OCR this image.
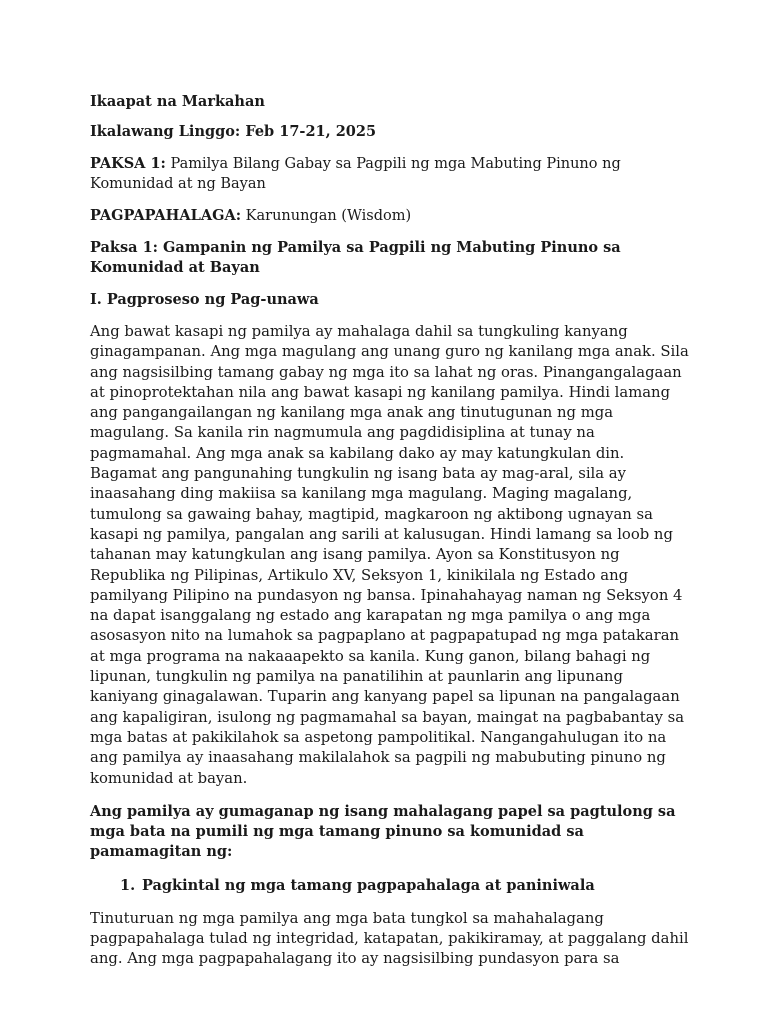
Ikaapat na Markahan

Ikalawang Linggo: Feb 17-21, 2025

PAKSA 1: Pamilya Bilang Gabay sa Pagpili ng mga Mabuting Pinuno ng Komunidad at ng Bayan

PAGPAPAHALAGA: Karunungan (Wisdom)

Paksa 1: Gampanin ng Pamilya sa Pagpili ng Mabuting Pinuno sa Komunidad at Bayan

I. Pagproseso ng Pag-unawa

Ang bawat kasapi ng pamilya ay mahalaga dahil sa tungkuling kanyang ginagampanan. Ang mga magulang ang unang guro ng kanilang mga anak. Sila ang nagsisilbing tamang gabay ng mga ito sa lahat ng oras. Pinangangalagaan at pinoprotektahan nila ang bawat kasapi ng kanilang pamilya. Hindi lamang ang pangangailangan ng kanilang mga anak ang tinutugunan ng mga magulang. Sa kanila rin nagmumula ang pagdidisiplina at tunay na pagmamahal. Ang mga anak sa kabilang dako ay may katungkulan din. Bagamat ang pangunahing tungkulin ng isang bata ay mag-aral, sila ay inaasahang ding makiisa sa kanilang mga magulang. Maging magalang, tumulong sa gawaing bahay, magtipid, magkaroon ng aktibong ugnayan sa kasapi ng pamilya, pangalan ang sarili at kalusugan. Hindi lamang sa loob ng tahanan may katungkulan ang isang pamilya. Ayon sa Konstitusyon ng Republika ng Pilipinas, Artikulo XV, Seksyon 1, kinikilala ng Estado ang pamilyang Pilipino na pundasyon ng bansa. Ipinahahayag naman ng Seksyon 4 na dapat isanggalang ng estado ang karapatan ng mga pamilya o ang mga asosasyon nito na lumahok sa pagpaplano at pagpapatupad ng mga patakaran at mga programa na nakaaapekto sa kanila. Kung ganon, bilang bahagi ng lipunan, tungkulin ng pamilya na panatilihin at paunlarin ang lipunang kaniyang ginagalawan. Tuparin ang kanyang papel sa lipunan na pangalagaan ang kapaligiran, isulong ng pagmamahal sa bayan, maingat na pagbabantay sa mga batas at pakikilahok sa aspetong pampolitikal. Nangangahulugan ito na ang pamilya ay inaasahang makilalahok sa pagpili ng mabubuting pinuno ng komunidad at bayan.

Ang pamilya ay gumaganap ng isang mahalagang papel sa pagtulong sa mga bata na pumili ng mga tamang pinuno sa komunidad sa pamamagitan ng:

1. Pagkintal ng mga tamang pagpapahalaga at paniniwala

Tinuturuan ng mga pamilya ang mga bata tungkol sa mahahalagang pagpapahalaga tulad ng integridad, katapatan, pakikiramay, at paggalang dahil ang. Ang mga pagpapahalagang ito ay nagsisilbing pundasyon para sa
